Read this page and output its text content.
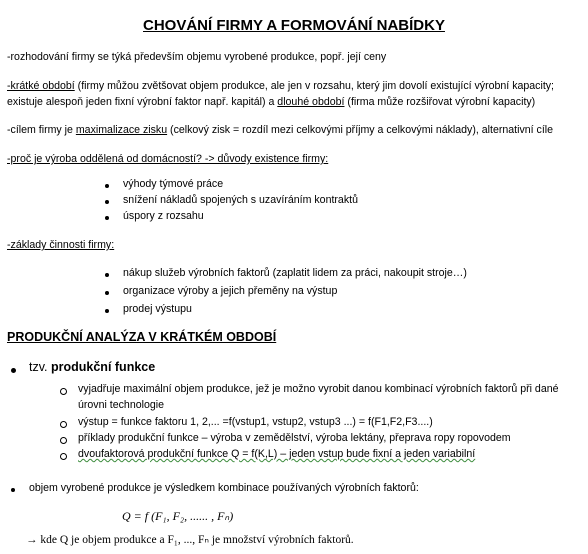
CHOVÁNÍ FIRMY A FORMOVÁNÍ NABÍDKY
-rozhodování firmy se týká především objemu vyrobené produkce, popř. její ceny
-krátké období (firmy můžou zvětšovat objem produkce, ale jen v rozsahu, který jim dovolí existující výrobní kapacity;
existuje alespoň jeden fixní výrobní faktor např. kapitál) a dlouhé období (firma může rozšiřovat výrobní kapacity)
-cílem firmy je maximalizace zisku (celkový zisk = rozdíl mezi celkovými příjmy a celkovými náklady), alternativní cíle
-proč je výroba oddělená od domácností? -> důvody existence firmy:
výhody týmové práce
snížení nákladů spojených s uzavíráním kontraktů
úspory z rozsahu
-základy činnosti firmy:
nákup služeb výrobních faktorů (zaplatit lidem za práci, nakoupit stroje…)
organizace výroby a jejich přeměny na výstup
prodej výstupu
PRODUKČNÍ ANALÝZA V KRÁTKÉM OBDOBÍ
tzv. produkční funkce
vyjadřuje maximální objem produkce, jež je možno vyrobit danou kombinací výrobních faktorů při dané
úrovni technologie
výstup = funkce faktoru 1, 2,... =f(vstup1, vstup2, vstup3 ...) = f(F1,F2,F3....)
příklady produkční funkce – výroba v zemědělství, výroba lektány, přeprava ropy ropovodem
dvoufaktorová produkční funkce Q = f(K,L) – jeden vstup bude fixní a jeden variabilní
objem vyrobené produkce je výsledkem kombinace používaných výrobních faktorů:
Q = f (F₁, F₂, ...... , Fₙ)
→ kde Q je objem produkce a F₁, ..., Fₙ je množství výrobních faktorů.
